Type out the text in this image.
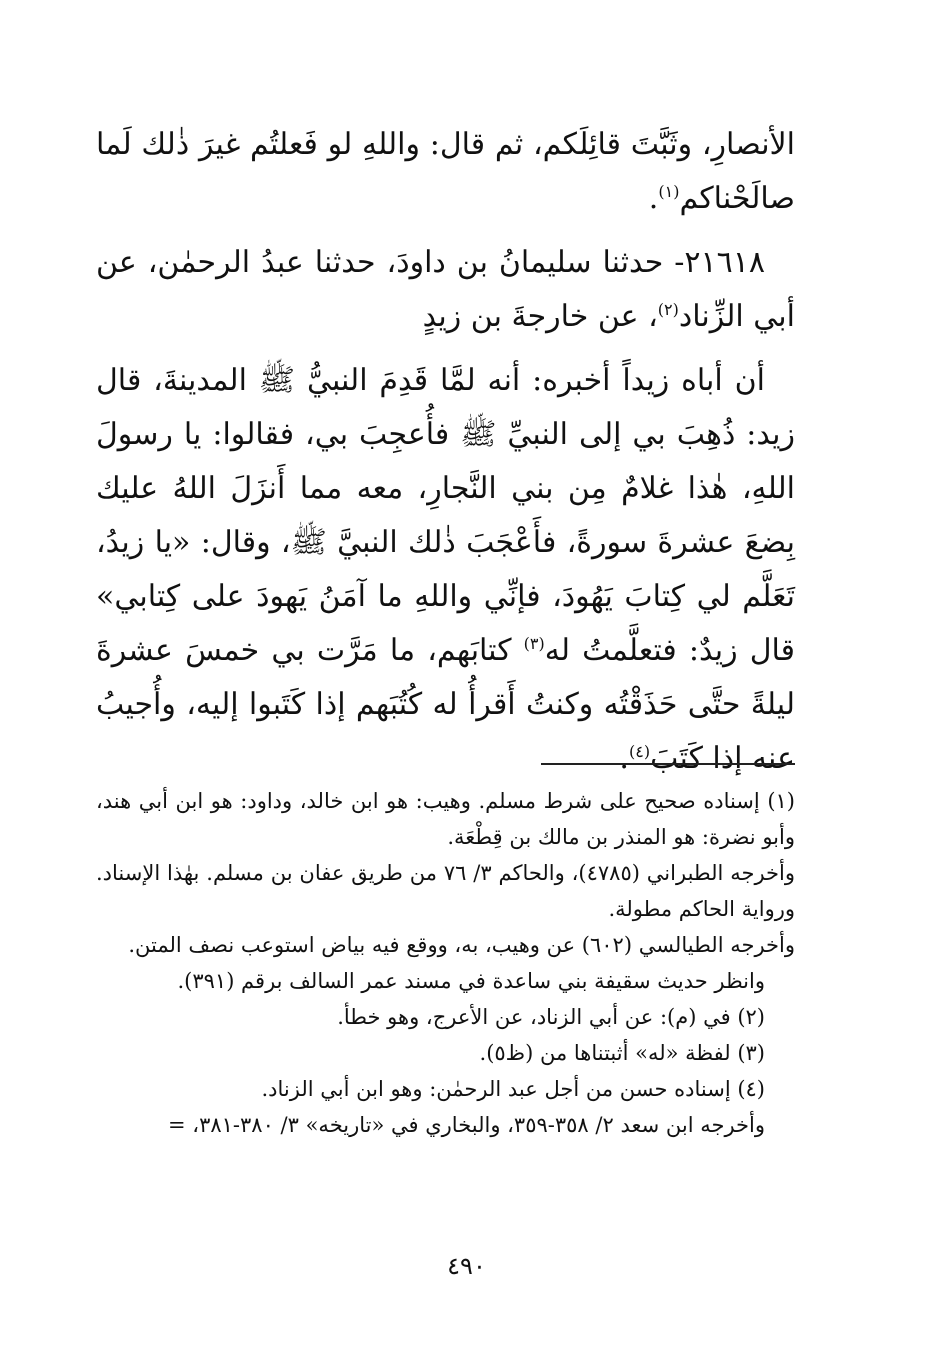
الأنصارِ، وثَبَّتَ قائِلَكم، ثم قال: واللهِ لو فَعلتُم غيرَ ذٰلك لَما صالَحْناكم$^{(١)}$.

٢١٦١٨- حدثنا سليمانُ بن داودَ، حدثنا عبدُ الرحمٰن، عن أبي الزِّناد$^{(٢)}$، عن خارجةَ بن زيدٍ

أن أباه زيداً أخبره: أنه لمَّا قَدِمَ النبيُّ ﷺ المدينةَ، قال زيد: ذُهِبَ بي إلى النبيِّ ﷺ فأُعجِبَ بي، فقالوا: يا رسولَ اللهِ، هٰذا غلامٌ مِن بني النَّجارِ، معه مما أَنزَلَ اللهُ عليك بِضعَ عشرةَ سورةً، فأَعْجَبَ ذٰلك النبيَّ ﷺ، وقال: «يا زيدُ، تَعَلَّم لي كِتابَ يَهُودَ، فإنِّي واللهِ ما آمَنُ يَهودَ على كِتابي» قال زيدٌ: فتعلَّمتُ له$^{(٣)}$ كتابَهم، ما مَرَّت بي خمسَ عشرةَ ليلةً حتَّى حَذَقْتُه وكنتُ أَقرأُ له كُتُبَهم إذا كَتَبوا إليه، وأُجيبُ عنه إذا كَتَبَ$^{(٤)}$.

(١) إسناده صحيح على شرط مسلم. وهيب: هو ابن خالد، وداود: هو ابن أبي هند، وأبو نضرة: هو المنذر بن مالك بن قِطْعَة.

وأخرجه الطبراني (٤٧٨٥)، والحاكم ٣/ ٧٦ من طريق عفان بن مسلم. بهٰذا الإسناد. ورواية الحاكم مطولة.

وأخرجه الطيالسي (٦٠٢) عن وهيب، به، ووقع فيه بياض استوعب نصف المتن.

وانظر حديث سقيفة بني ساعدة في مسند عمر السالف برقم (٣٩١).

(٢) في (م): عن أبي الزناد، عن الأعرج، وهو خطأ.

(٣) لفظة «له» أثبتناها من (ظ٥).

(٤) إسناده حسن من أجل عبد الرحمٰن: وهو ابن أبي الزناد.

وأخرجه ابن سعد ٢/ ٣٥٨-٣٥٩، والبخاري في «تاريخه» ٣/ ٣٨٠-٣٨١، =

٤٩٠
